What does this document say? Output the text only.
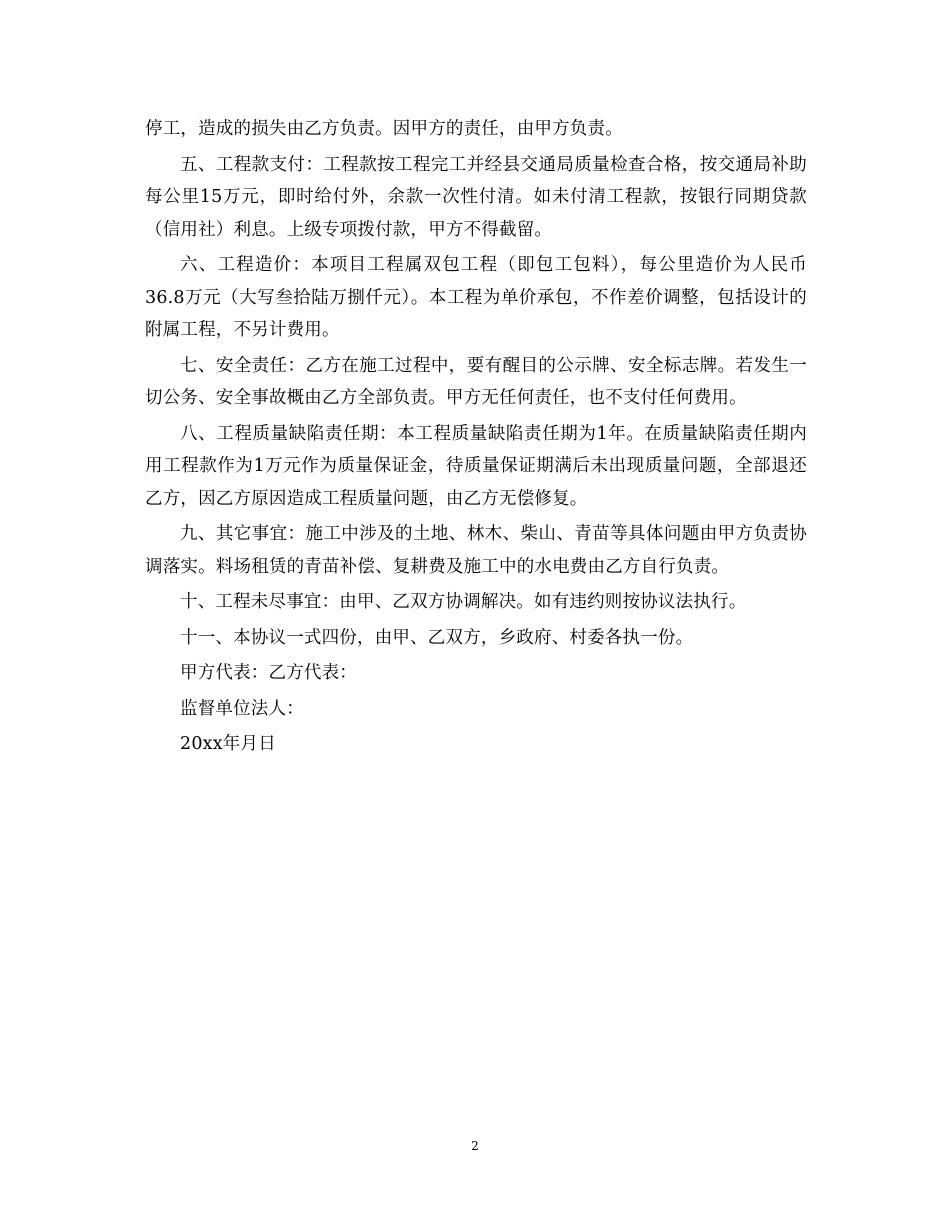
停工，造成的损失由乙方负责。因甲方的责任，由甲方负责。

五、工程款支付：工程款按工程完工并经县交通局质量检查合格，按交通局补助每公里15万元，即时给付外，余款一次性付清。如未付清工程款，按银行同期贷款（信用社）利息。上级专项拨付款，甲方不得截留。

六、工程造价：本项目工程属双包工程（即包工包料），每公里造价为人民币36.8万元（大写叁拾陆万捌仟元）。本工程为单价承包，不作差价调整，包括设计的附属工程，不另计费用。

七、安全责任：乙方在施工过程中，要有醒目的公示牌、安全标志牌。若发生一切公务、安全事故概由乙方全部负责。甲方无任何责任，也不支付任何费用。

八、工程质量缺陷责任期：本工程质量缺陷责任期为1年。在质量缺陷责任期内用工程款作为1万元作为质量保证金，待质量保证期满后未出现质量问题，全部退还乙方，因乙方原因造成工程质量问题，由乙方无偿修复。

九、其它事宜：施工中涉及的土地、林木、柴山、青苗等具体问题由甲方负责协调落实。料场租赁的青苗补偿、复耕费及施工中的水电费由乙方自行负责。

十、工程未尽事宜：由甲、乙双方协调解决。如有违约则按协议法执行。

十一、本协议一式四份，由甲、乙双方，乡政府、村委各执一份。

甲方代表：乙方代表：

监督单位法人：

20xx年月日

2
